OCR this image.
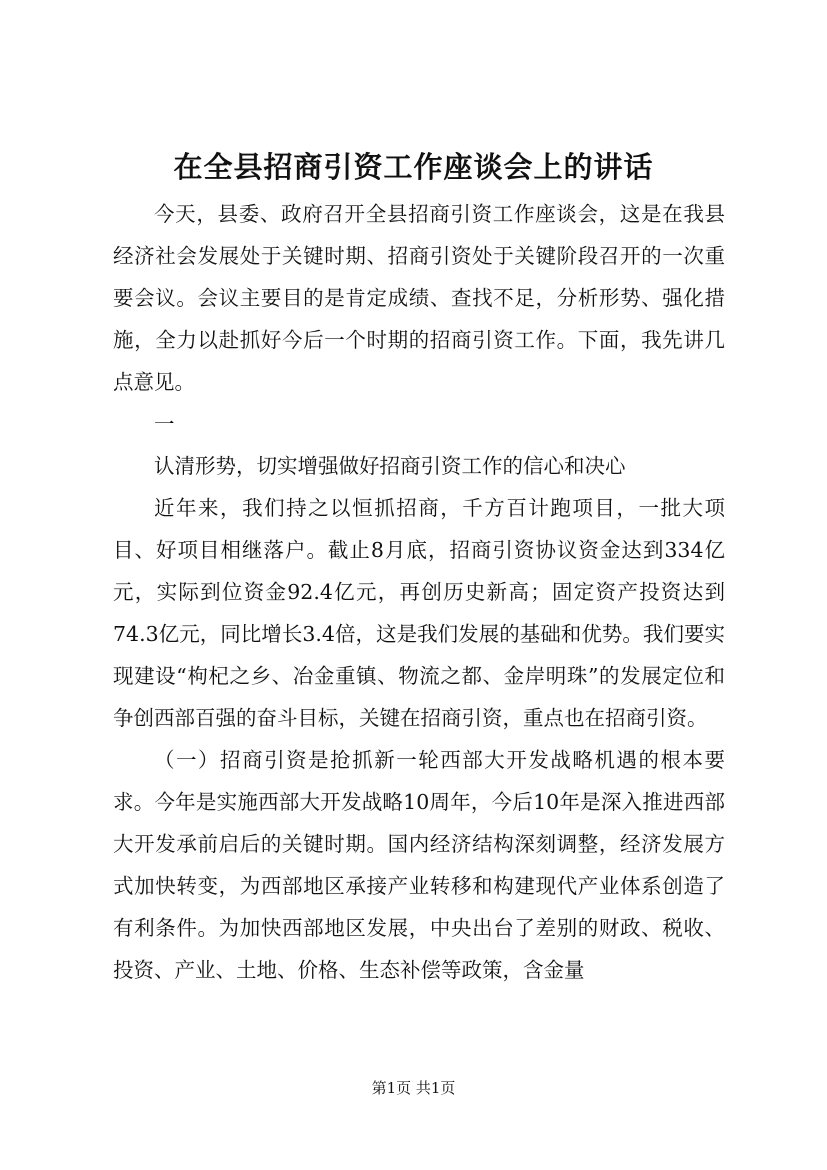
在全县招商引资工作座谈会上的讲话

今天，县委、政府召开全县招商引资工作座谈会，这是在我县经济社会发展处于关键时期、招商引资处于关键阶段召开的一次重要会议。会议主要目的是肯定成绩、查找不足，分析形势、强化措施，全力以赴抓好今后一个时期的招商引资工作。下面，我先讲几点意见。

一

认清形势，切实增强做好招商引资工作的信心和决心

近年来，我们持之以恒抓招商，千方百计跑项目，一批大项目、好项目相继落户。截止8月底，招商引资协议资金达到334亿元，实际到位资金92.4亿元，再创历史新高；固定资产投资达到74.3亿元，同比增长3.4倍，这是我们发展的基础和优势。我们要实现建设“枸杞之乡、冶金重镇、物流之都、金岸明珠”的发展定位和争创西部百强的奋斗目标，关键在招商引资，重点也在招商引资。

（一）招商引资是抢抓新一轮西部大开发战略机遇的根本要求。今年是实施西部大开发战略10周年，今后10年是深入推进西部大开发承前启后的关键时期。国内经济结构深刻调整，经济发展方式加快转变，为西部地区承接产业转移和构建现代产业体系创造了有利条件。为加快西部地区发展，中央出台了差别的财政、税收、投资、产业、土地、价格、生态补偿等政策，含金量

第1页 共1页
